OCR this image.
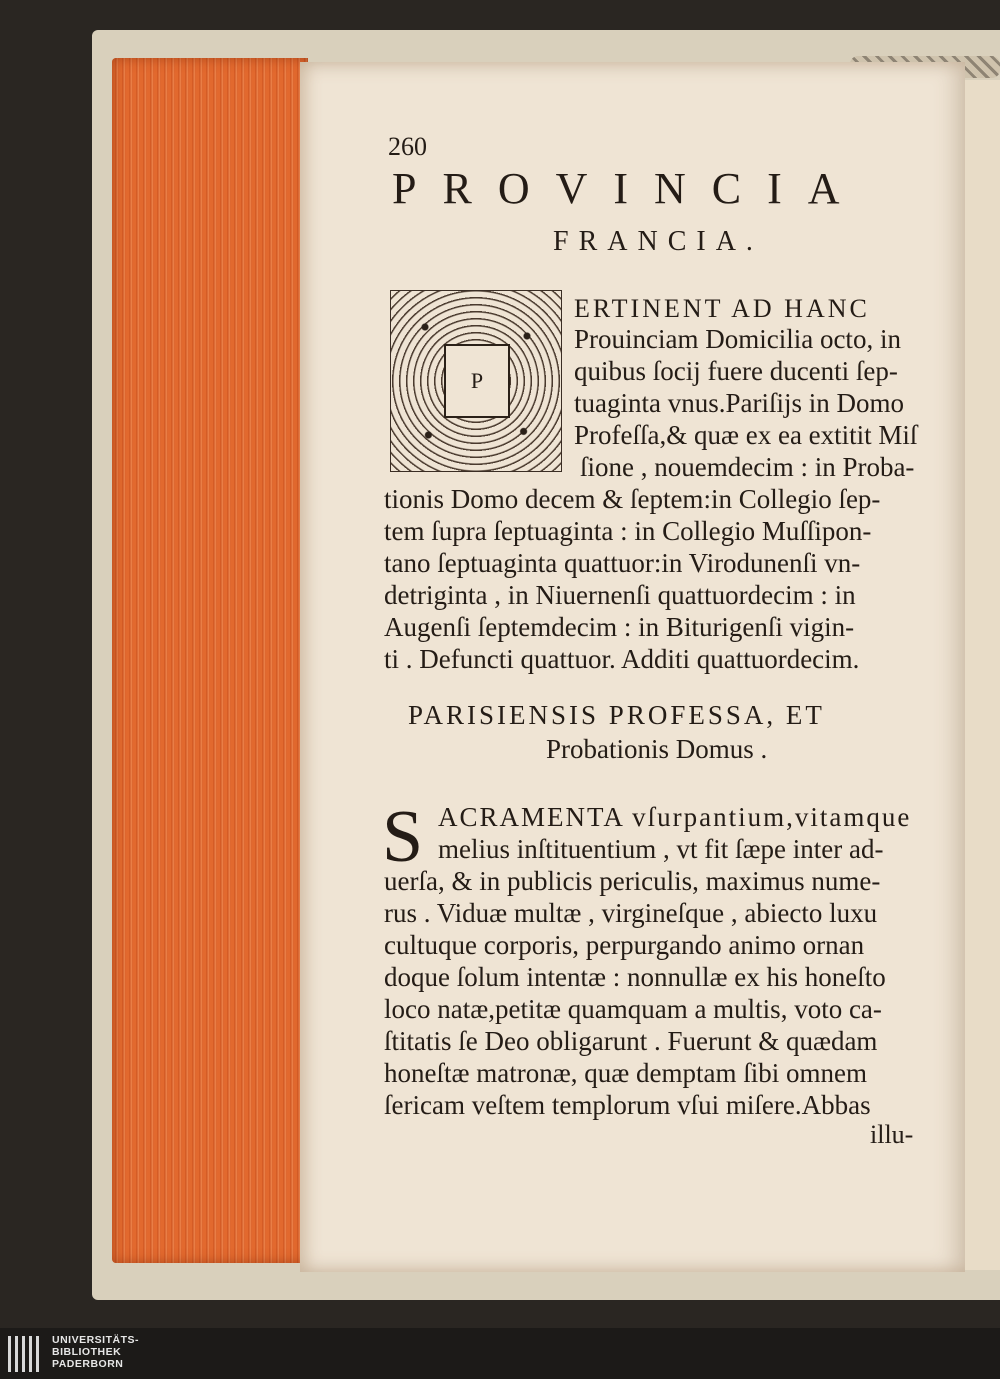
260
PROVINCIA
FRANCIA.
P
ERTINENT AD HANC
Prouinciam Domicilia octo, in
quibus ſocij fuere ducenti ſep-
tuaginta vnus.Pariſijs in Domo
Profeſſa,& quæ ex ea extitit Miſ
ſione , nouemdecim : in Proba-
tionis Domo decem & ſeptem:in Collegio ſep-
tem ſupra ſeptuaginta : in Collegio Muſſipon-
tano ſeptuaginta quattuor:in Virodunenſi vn-
detriginta , in Niuernenſi quattuordecim : in
Augenſi ſeptemdecim : in Biturigenſi vigin-
ti . Defuncti quattuor. Additi quattuordecim.
PARISIENSIS PROFESSA, ET
Probationis Domus .
S ACRAMENTA vſurpantium,vitamque
melius inſtituentium , vt fit ſæpe inter ad-
uerſa, & in publicis periculis, maximus nume-
rus . Viduæ multæ , virgineſque , abiecto luxu
cultuque corporis, perpurgando animo ornan
doque ſolum intentæ : nonnullæ ex his honeſto
loco natæ,petitæ quamquam a multis, voto ca-
ſtitatis ſe Deo obligarunt . Fuerunt & quædam
honeſtæ matronæ, quæ demptam ſibi omnem
ſericam veſtem templorum vſui miſere.Abbas
illu-
UNIVERSITÄTS-
BIBLIOTHEK
PADERBORN
